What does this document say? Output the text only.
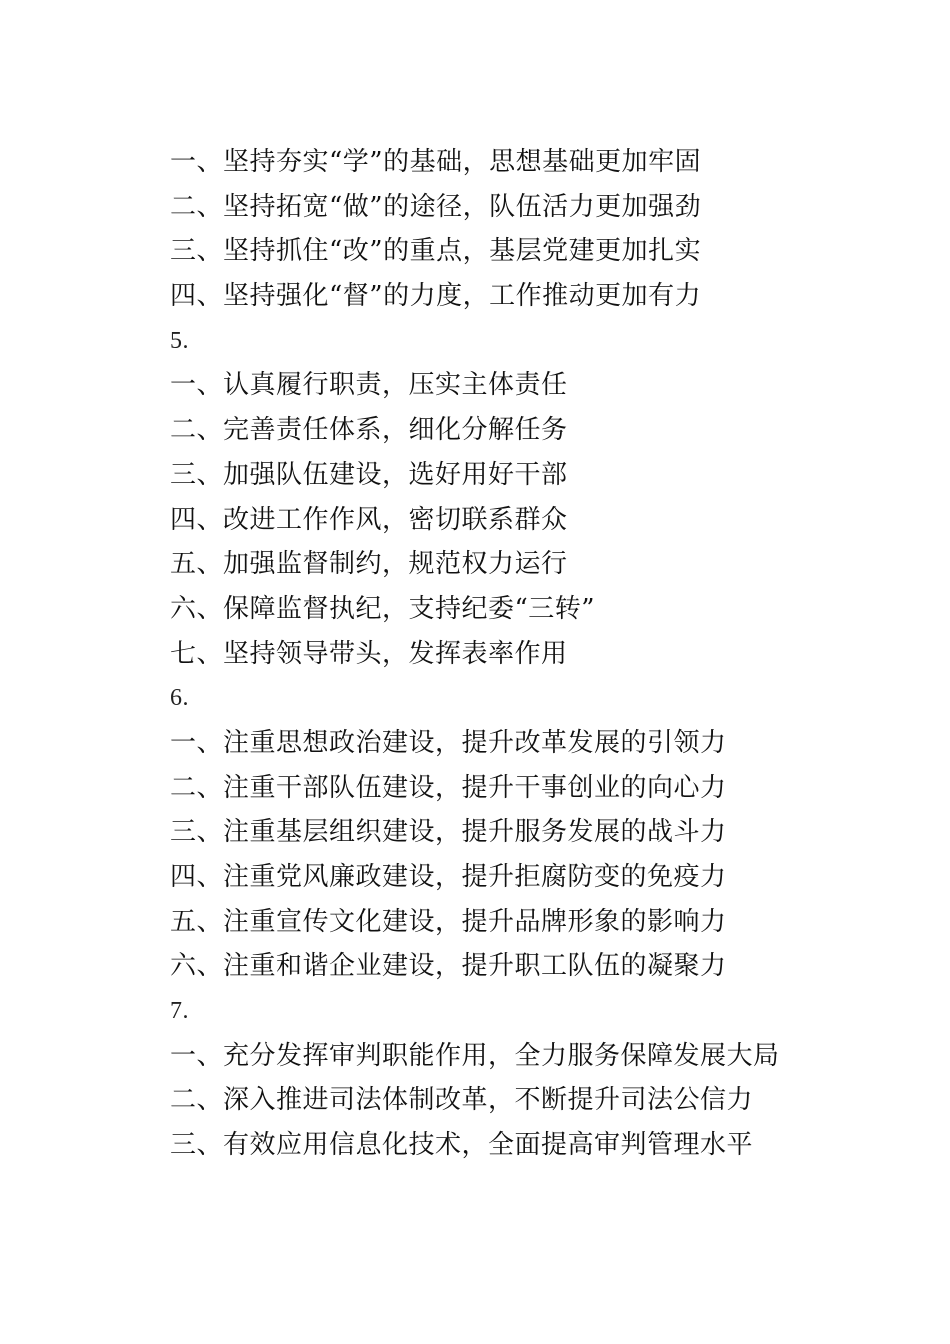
一、坚持夯实“学”的基础，思想基础更加牢固
二、坚持拓宽“做”的途径，队伍活力更加强劲
三、坚持抓住“改”的重点，基层党建更加扎实
四、坚持强化“督”的力度，工作推动更加有力
5.
一、认真履行职责，压实主体责任
二、完善责任体系，细化分解任务
三、加强队伍建设，选好用好干部
四、改进工作作风，密切联系群众
五、加强监督制约，规范权力运行
六、保障监督执纪，支持纪委“三转”
七、坚持领导带头，发挥表率作用
6.
一、注重思想政治建设，提升改革发展的引领力
二、注重干部队伍建设，提升干事创业的向心力
三、注重基层组织建设，提升服务发展的战斗力
四、注重党风廉政建设，提升拒腐防变的免疫力
五、注重宣传文化建设，提升品牌形象的影响力
六、注重和谐企业建设，提升职工队伍的凝聚力
7.
一、充分发挥审判职能作用，全力服务保障发展大局
二、深入推进司法体制改革，不断提升司法公信力
三、有效应用信息化技术，全面提高审判管理水平
